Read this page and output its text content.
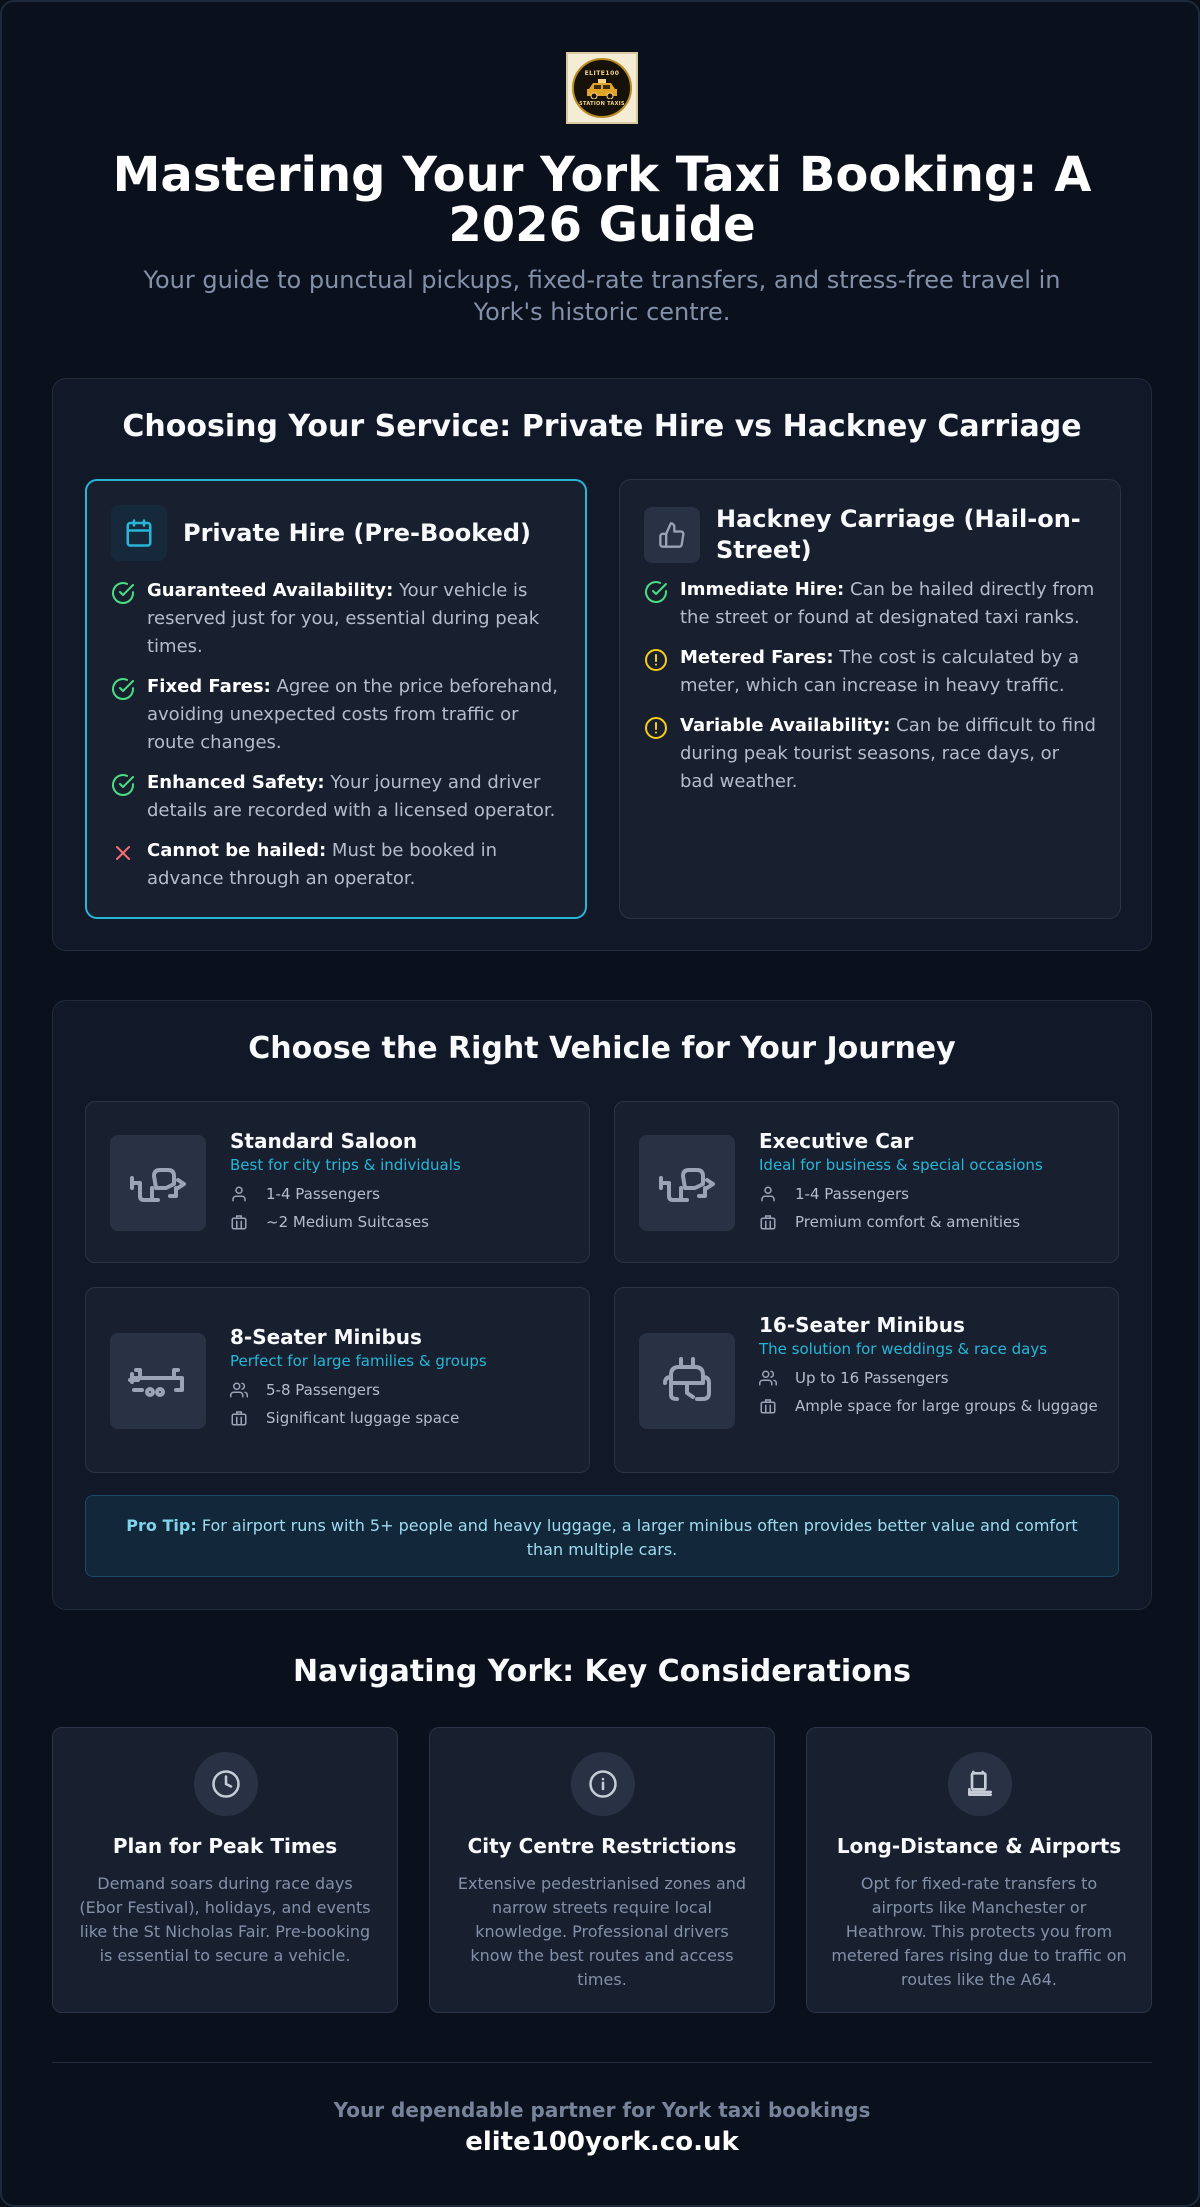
ELITE100
STATION TAXIS
Mastering Your York Taxi Booking: A 2026 Guide

Your guide to punctual pickups, fixed-rate transfers, and stress-free travel in York's historic centre.

Choosing Your Service: Private Hire vs Hackney Carriage
Private Hire (Pre-Booked)
Guaranteed Availability: Your vehicle is reserved just for you, essential during peak times.
Fixed Fares: Agree on the price beforehand, avoiding unexpected costs from traffic or route changes.
Enhanced Safety: Your journey and driver details are recorded with a licensed operator.
Cannot be hailed: Must be booked in advance through an operator.
Hackney Carriage (Hail-on-Street)
Immediate Hire: Can be hailed directly from the street or found at designated taxi ranks.
Metered Fares: The cost is calculated by a meter, which can increase in heavy traffic.
Variable Availability: Can be difficult to find during peak tourist seasons, race days, or bad weather.
Choose the Right Vehicle for Your Journey
Standard Saloon
Best for city trips & individuals
1-4 Passengers
~2 Medium Suitcases
Executive Car
Ideal for business & special occasions
1-4 Passengers
Premium comfort & amenities
8-Seater Minibus
Perfect for large families & groups
5-8 Passengers
Significant luggage space
16-Seater Minibus
The solution for weddings & race days
Up to 16 Passengers
Ample space for large groups & luggage
Pro Tip: For airport runs with 5+ people and heavy luggage, a larger minibus often provides better value and comfort than multiple cars.
Navigating York: Key Considerations
Plan for Peak Times
Demand soars during race days (Ebor Festival), holidays, and events like the St Nicholas Fair. Pre-booking is essential to secure a vehicle.
City Centre Restrictions
Extensive pedestrianised zones and narrow streets require local knowledge. Professional drivers know the best routes and access times.
Long-Distance & Airports
Opt for fixed-rate transfers to airports like Manchester or Heathrow. This protects you from metered fares rising due to traffic on routes like the A64.
Your dependable partner for York taxi bookings
elite100york.co.uk
